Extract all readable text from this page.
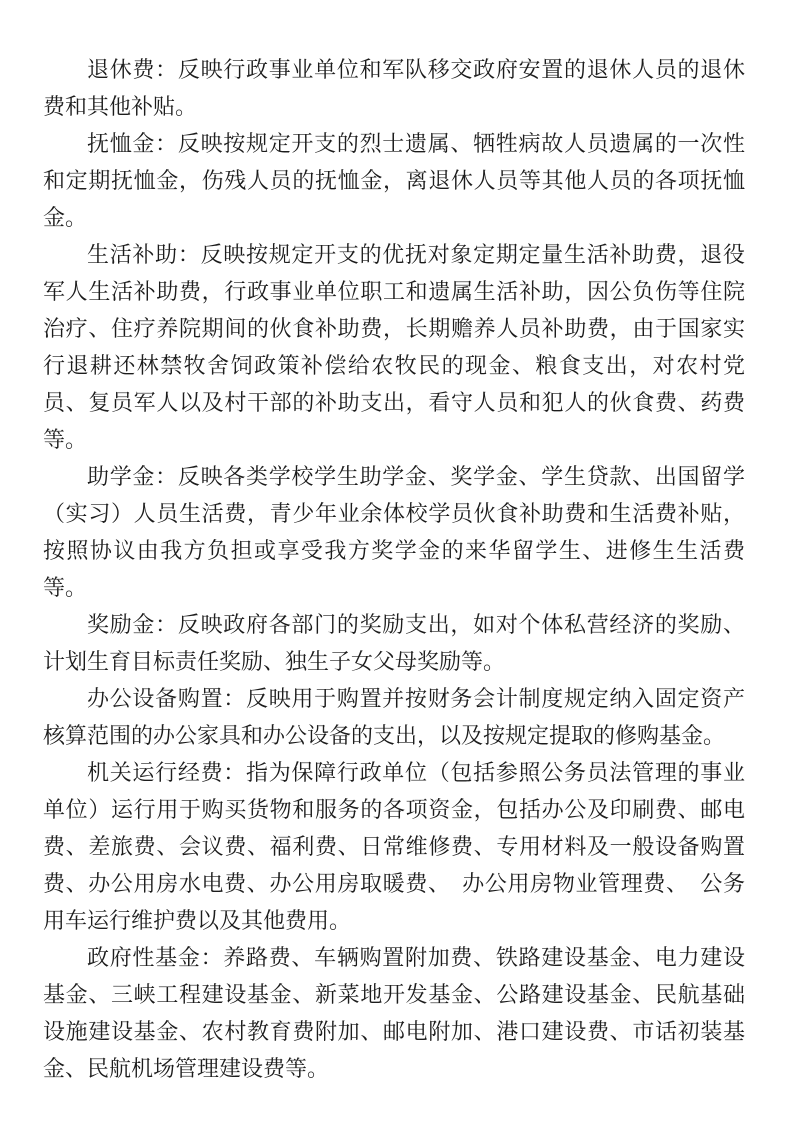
退休费：反映行政事业单位和军队移交政府安置的退休人员的退休费和其他补贴。

抚恤金：反映按规定开支的烈士遗属、牺牲病故人员遗属的一次性和定期抚恤金，伤残人员的抚恤金，离退休人员等其他人员的各项抚恤金。

生活补助：反映按规定开支的优抚对象定期定量生活补助费，退役军人生活补助费，行政事业单位职工和遗属生活补助，因公负伤等住院治疗、住疗养院期间的伙食补助费，长期赡养人员补助费，由于国家实行退耕还林禁牧舍饲政策补偿给农牧民的现金、粮食支出，对农村党员、复员军人以及村干部的补助支出，看守人员和犯人的伙食费、药费等。

助学金：反映各类学校学生助学金、奖学金、学生贷款、出国留学（实习）人员生活费，青少年业余体校学员伙食补助费和生活费补贴，按照协议由我方负担或享受我方奖学金的来华留学生、进修生生活费等。

奖励金：反映政府各部门的奖励支出，如对个体私营经济的奖励、计划生育目标责任奖励、独生子女父母奖励等。

办公设备购置：反映用于购置并按财务会计制度规定纳入固定资产核算范围的办公家具和办公设备的支出，以及按规定提取的修购基金。

机关运行经费：指为保障行政单位（包括参照公务员法管理的事业单位）运行用于购买货物和服务的各项资金，包括办公及印刷费、邮电费、差旅费、会议费、福利费、日常维修费、专用材料及一般设备购置费、办公用房水电费、办公用房取暖费、　办公用房物业管理费、　公务用车运行维护费以及其他费用。

政府性基金：养路费、车辆购置附加费、铁路建设基金、电力建设基金、三峡工程建设基金、新菜地开发基金、公路建设基金、民航基础设施建设基金、农村教育费附加、邮电附加、港口建设费、市话初装基金、民航机场管理建设费等。
